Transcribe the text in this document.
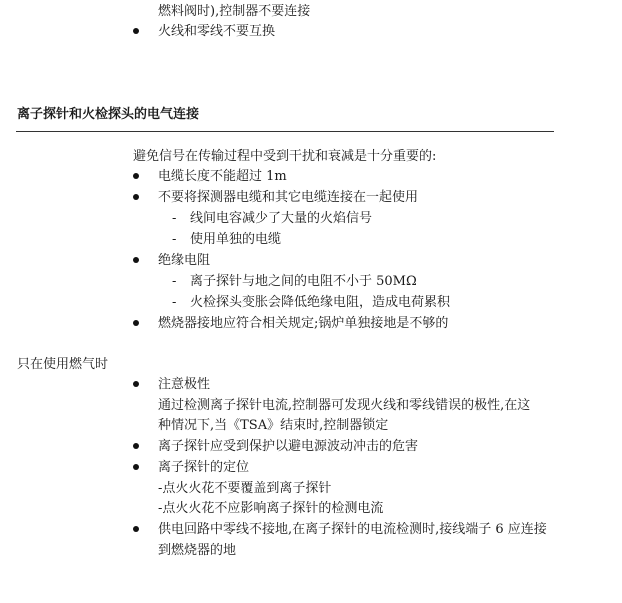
燃料阀时),控制器不要连接
火线和零线不要互换
离子探针和火检探头的电气连接
避免信号在传输过程中受到干扰和衰减是十分重要的:
电缆长度不能超过 1m
不要将探测器电缆和其它电缆连接在一起使用
- 线间电容减少了大量的火焰信号
- 使用单独的电缆
绝缘电阻
- 离子探针与地之间的电阻不小于 50MΩ
- 火检探头变胀会降低绝缘电阻，造成电荷累积
燃烧器接地应符合相关规定;锅炉单独接地是不够的
只在使用燃气时
注意极性
通过检测离子探针电流,控制器可发现火线和零线错误的极性,在这
种情况下,当《TSA》结束时,控制器锁定
离子探针应受到保护以避电源波动冲击的危害
离子探针的定位
-点火火花不要覆盖到离子探针
-点火火花不应影响离子探针的检测电流
供电回路中零线不接地,在离子探针的电流检测时,接线端子 6 应连接
到燃烧器的地
